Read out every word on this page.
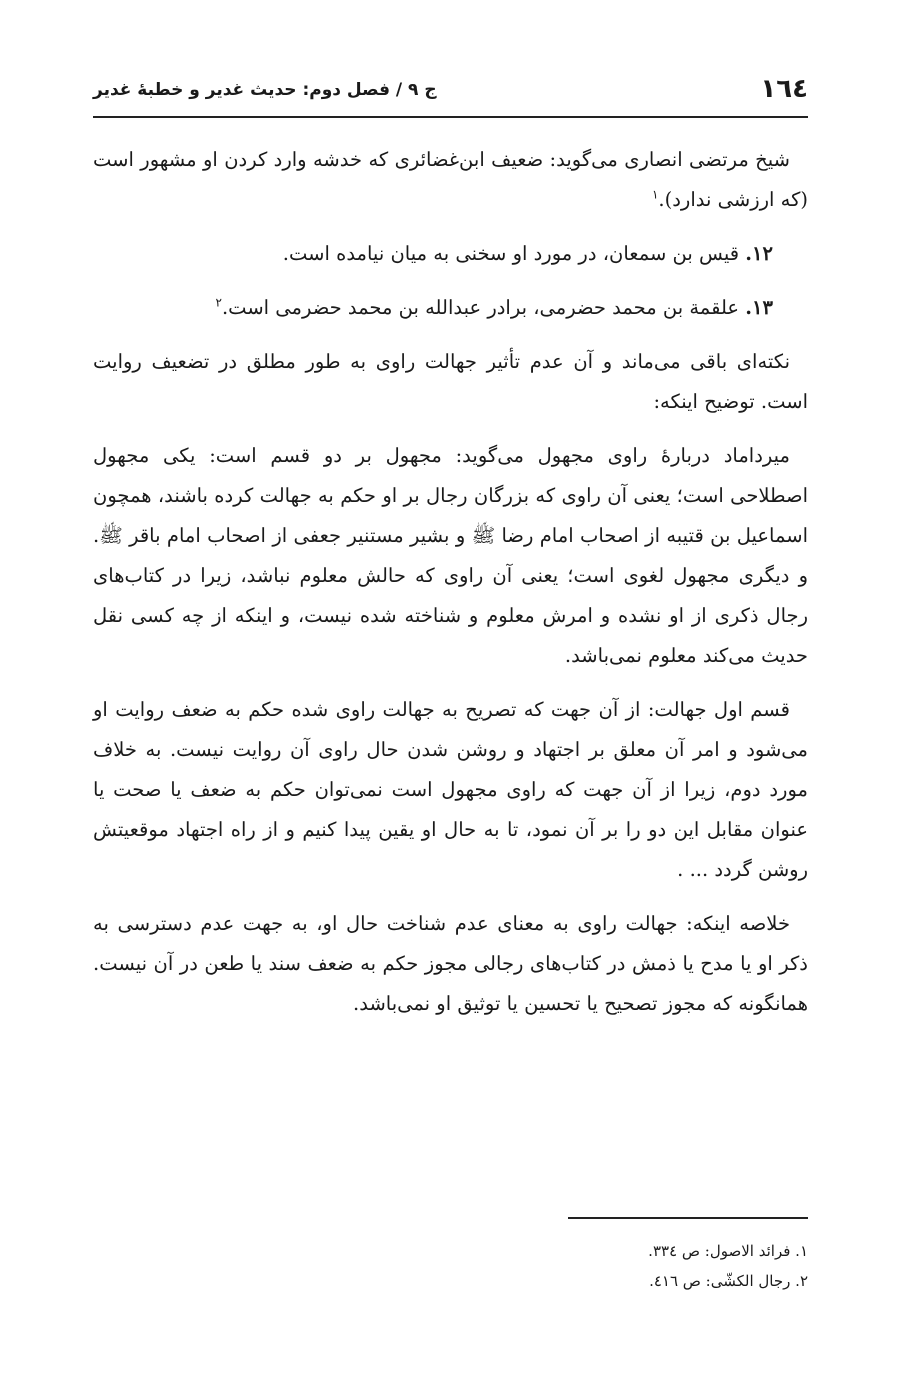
١٦٤
ج ٩ / فصل دوم: حديث غدير و خطبۀ غدير

شيخ مرتضى انصارى مى‌گويد: ضعيف ابن‌غضائرى كه خدشه وارد كردن او مشهور است (كه ارزشى ندارد).$^١$

١٢. قيس بن سمعان، در مورد او سخنى به ميان نيامده است.

١٣. علقمة بن محمد حضرمى، برادر عبدالله بن محمد حضرمى است.$^٢$

نكته‌اى باقى مى‌ماند و آن عدم تأثير جهالت راوى به طور مطلق در تضعيف روايت است. توضيح اينكه:

ميرداماد دربارۀ راوى مجهول مى‌گويد: مجهول بر دو قسم است: يكى مجهول اصطلاحى است؛ يعنى آن راوى كه بزرگان رجال بر او حكم به جهالت كرده باشند، همچون اسماعيل بن قتيبه از اصحاب امام رضا ﷺ و بشير مستنير جعفى از اصحاب امام باقر ﷺ. و ديگرى مجهول لغوى است؛ يعنى آن راوى كه حالش معلوم نباشد، زيرا در كتاب‌هاى رجال ذكرى از او نشده و امرش معلوم و شناخته شده نيست، و اينكه از چه كسى نقل حديث مى‌كند معلوم نمى‌باشد.

قسم اول جهالت: از آن جهت كه تصريح به جهالت راوى شده حكم به ضعف روايت او مى‌شود و امر آن معلق بر اجتهاد و روشن شدن حال راوى آن روايت نيست. به خلاف مورد دوم، زيرا از آن جهت كه راوى مجهول است نمى‌توان حكم به ضعف يا صحت يا عنوان مقابل اين دو را بر آن نمود، تا به حال او يقين پيدا كنيم و از راه اجتهاد موقعيتش روشن گردد ... .

خلاصه اينكه: جهالت راوى به معناى عدم شناخت حال او، به جهت عدم دسترسى به ذكر او يا مدح يا ذمش در كتاب‌هاى رجالى مجوز حكم به ضعف سند يا طعن در آن نيست. همانگونه كه مجوز تصحيح يا تحسين يا توثيق او نمى‌باشد.

١. فرائد الاصول: ص ٣٣٤.
٢. رجال الكشّى: ص ٤١٦.
